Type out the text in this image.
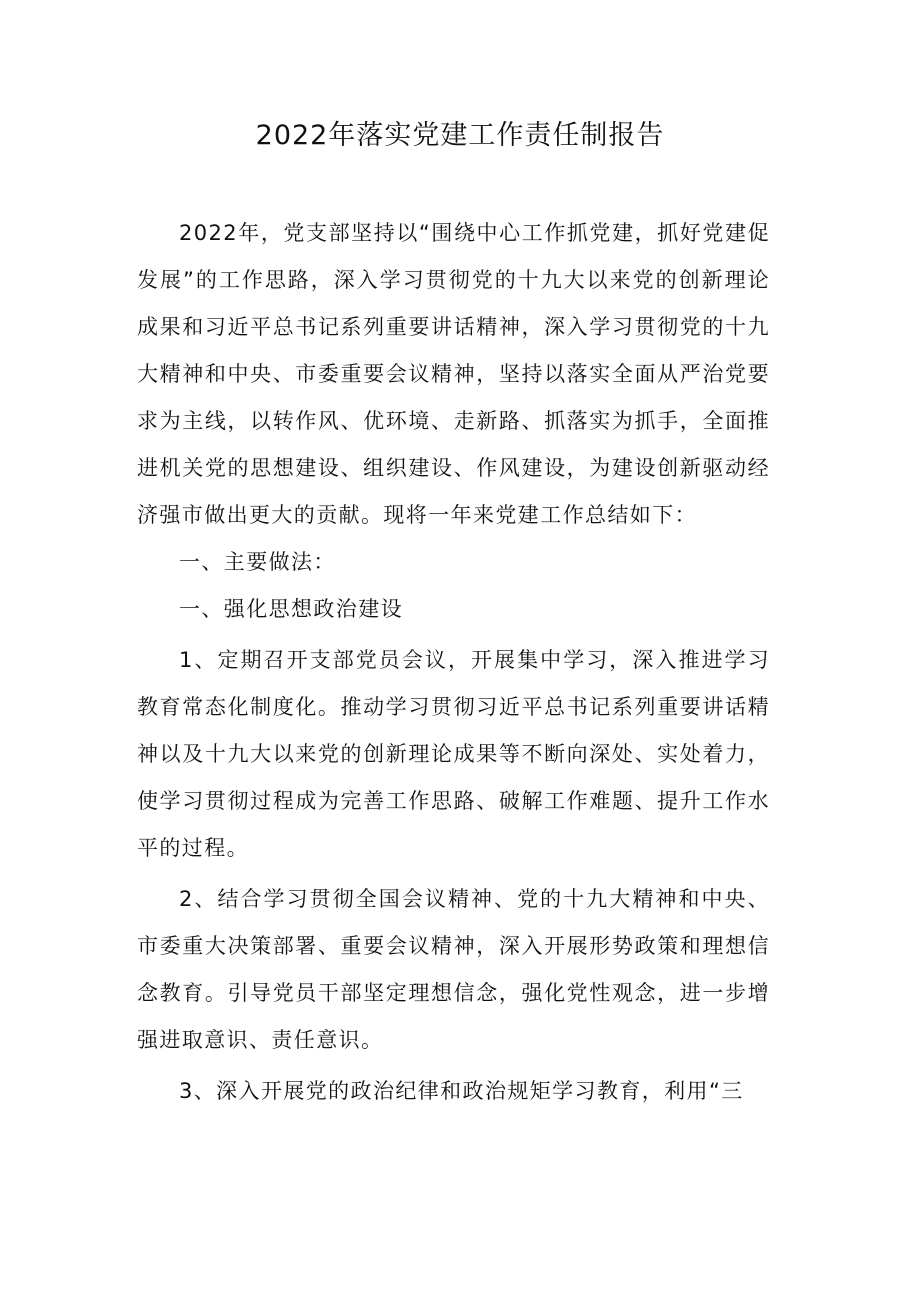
2022年落实党建工作责任制报告

2022年，党支部坚持以“围绕中心工作抓党建，抓好党建促发展”的工作思路，深入学习贯彻党的十九大以来党的创新理论成果和习近平总书记系列重要讲话精神，深入学习贯彻党的十九大精神和中央、市委重要会议精神，坚持以落实全面从严治党要求为主线，以转作风、优环境、走新路、抓落实为抓手，全面推进机关党的思想建设、组织建设、作风建设，为建设创新驱动经济强市做出更大的贡献。现将一年来党建工作总结如下：

一、主要做法：

一、强化思想政治建设

1、定期召开支部党员会议，开展集中学习，深入推进学习教育常态化制度化。推动学习贯彻习近平总书记系列重要讲话精神以及十九大以来党的创新理论成果等不断向深处、实处着力，使学习贯彻过程成为完善工作思路、破解工作难题、提升工作水平的过程。

2、结合学习贯彻全国会议精神、党的十九大精神和中央、市委重大决策部署、重要会议精神，深入开展形势政策和理想信念教育。引导党员干部坚定理想信念，强化党性观念，进一步增强进取意识、责任意识。

3、深入开展党的政治纪律和政治规矩学习教育，利用“三
